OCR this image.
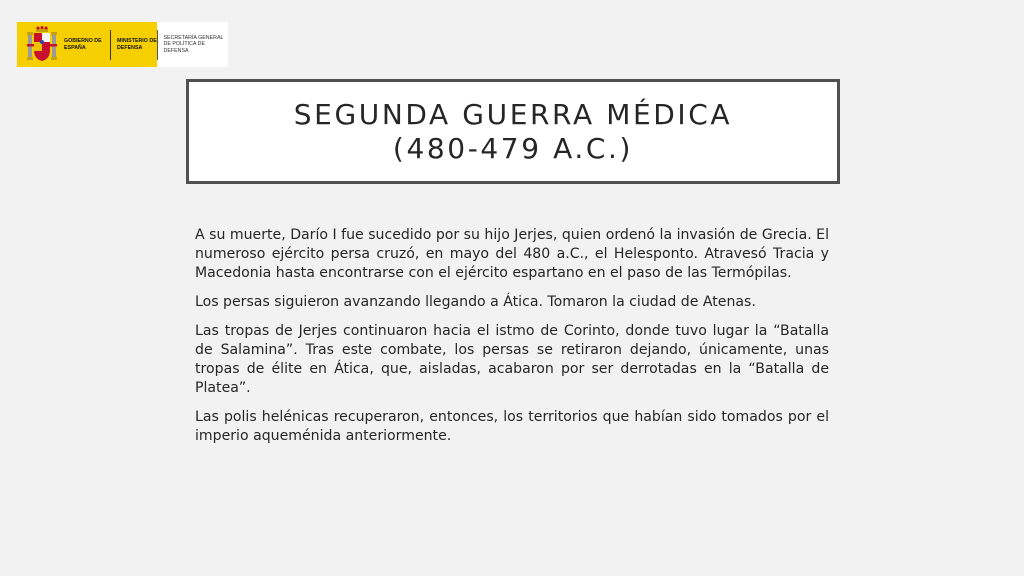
GOBIERNO DE ESPAÑA
MINISTERIO DE DEFENSA
SECRETARÍA GENERAL DE POLÍTICA DE DEFENSA
SEGUNDA GUERRA MÉDICA
(480-479 A.C.)

A su muerte, Darío I fue sucedido por su hijo Jerjes, quien ordenó la invasión de Grecia. El numeroso ejército persa cruzó, en mayo del 480 a.C., el Helesponto. Atravesó Tracia y Macedonia hasta encontrarse con el ejército espartano en el paso de las Termópilas.

Los persas siguieron avanzando llegando a Ática. Tomaron la ciudad de Atenas.

Las tropas de Jerjes continuaron hacia el istmo de Corinto, donde tuvo lugar la “Batalla de Salamina”. Tras este combate, los persas se retiraron dejando, únicamente, unas tropas de élite en Ática, que, aisladas, acabaron por ser derrotadas en la “Batalla de Platea”.

Las polis helénicas recuperaron, entonces, los territorios que habían sido tomados por el imperio aqueménida anteriormente.
